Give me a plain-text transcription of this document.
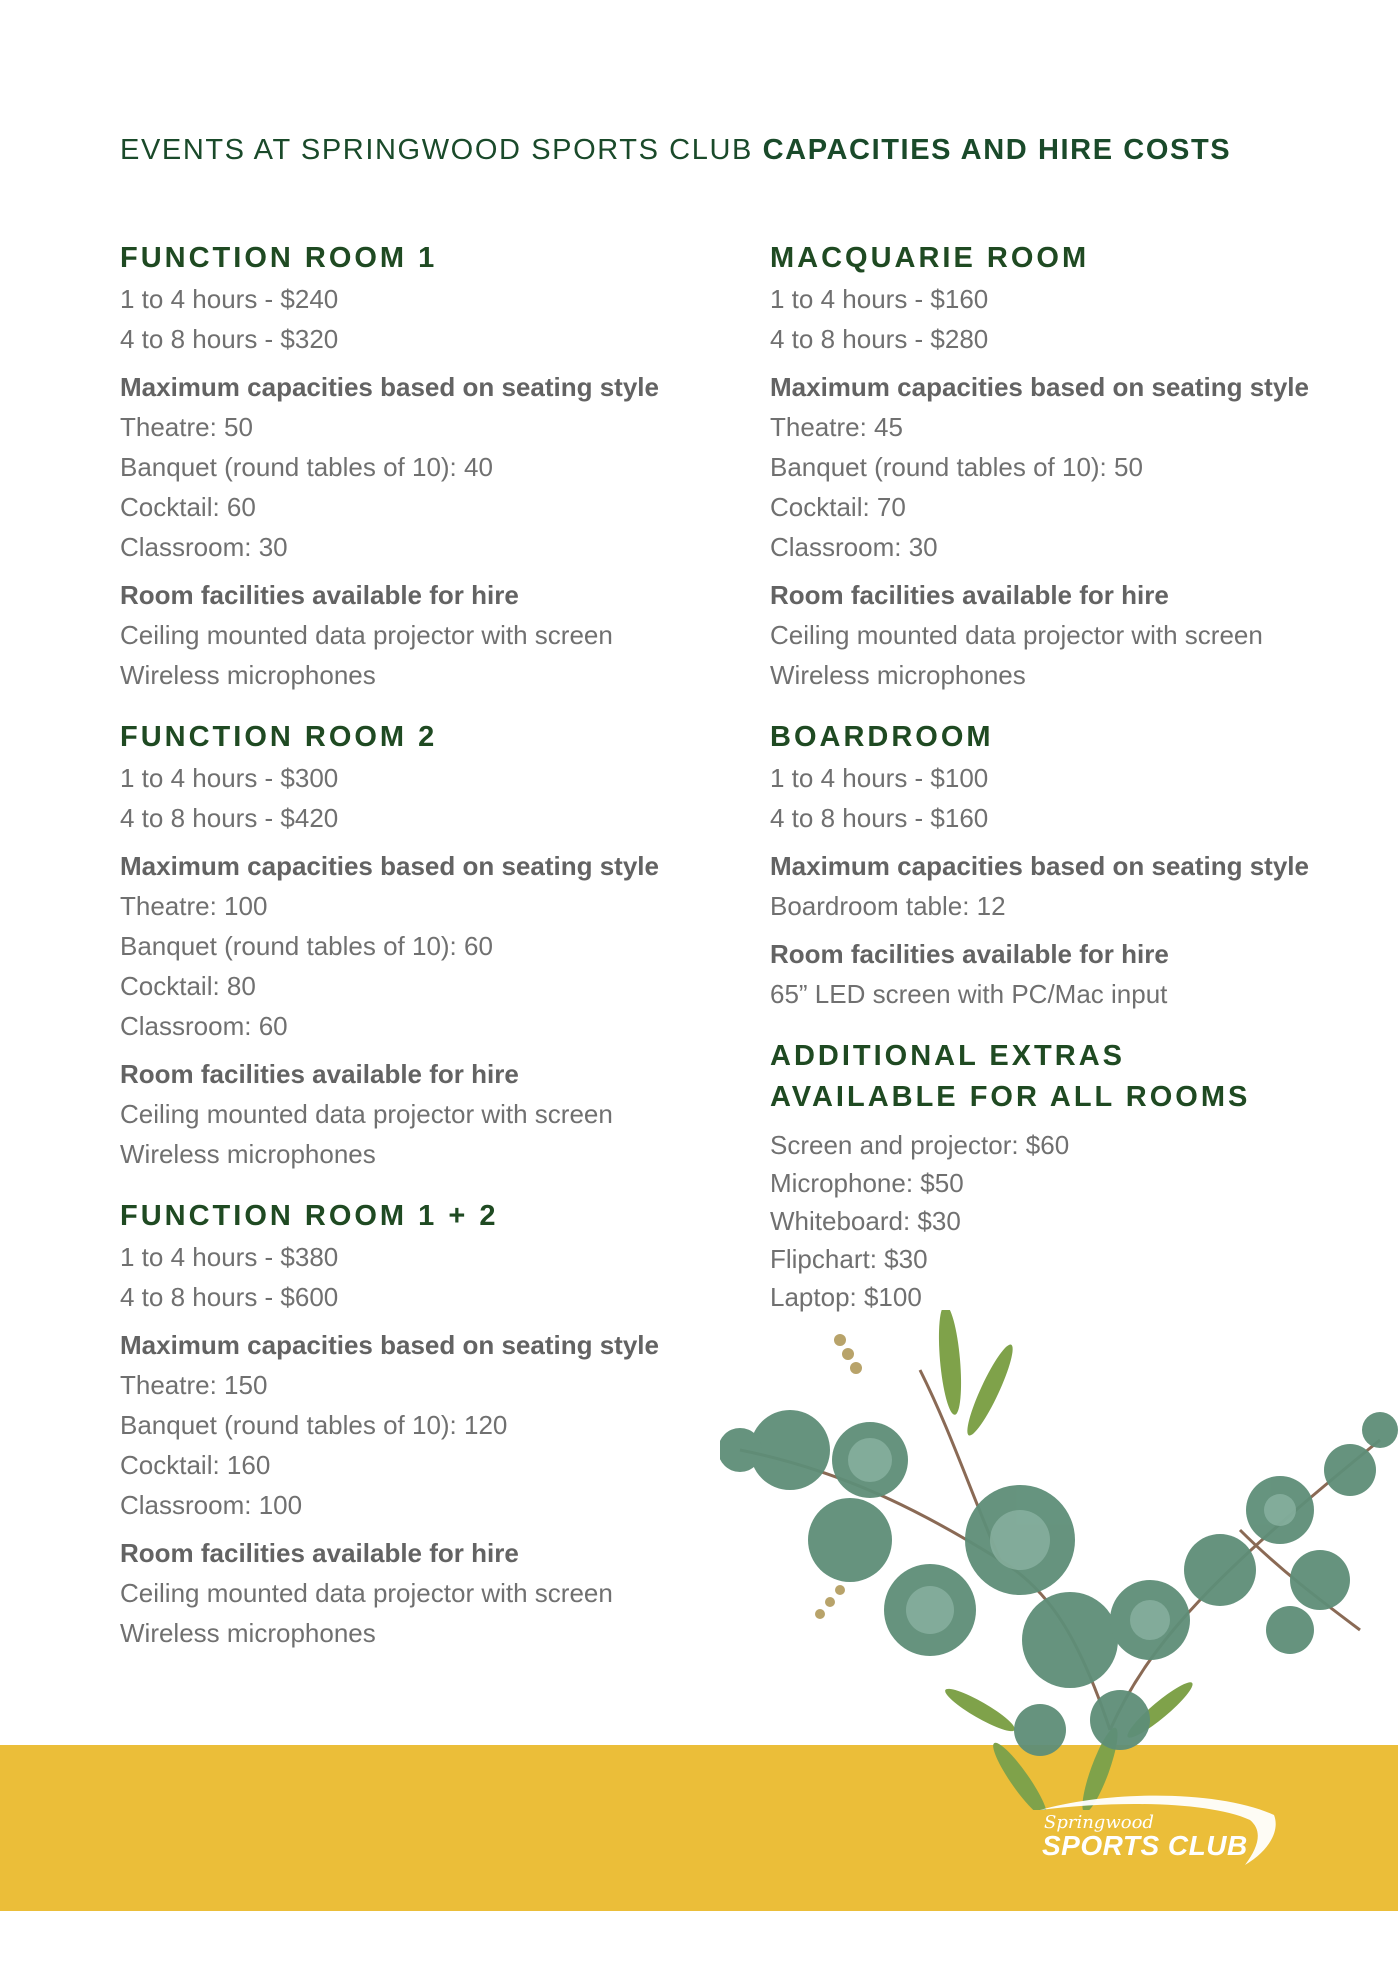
EVENTS AT SPRINGWOOD SPORTS CLUB CAPACITIES AND HIRE COSTS
FUNCTION ROOM 1
1 to 4 hours - $240
4 to 8 hours - $320
Maximum capacities based on seating style
Theatre: 50
Banquet (round tables of 10): 40
Cocktail: 60
Classroom: 30
Room facilities available for hire
Ceiling mounted data projector with screen
Wireless microphones
FUNCTION ROOM 2
1 to 4 hours - $300
4 to 8 hours - $420
Maximum capacities based on seating style
Theatre: 100
Banquet (round tables of 10): 60
Cocktail: 80
Classroom: 60
Room facilities available for hire
Ceiling mounted data projector with screen
Wireless microphones
FUNCTION ROOM 1 + 2
1 to 4 hours - $380
4 to 8 hours - $600
Maximum capacities based on seating style
Theatre: 150
Banquet (round tables of 10): 120
Cocktail: 160
Classroom: 100
Room facilities available for hire
Ceiling mounted data projector with screen
Wireless microphones
MACQUARIE ROOM
1 to 4 hours - $160
4 to 8 hours - $280
Maximum capacities based on seating style
Theatre: 45
Banquet (round tables of 10): 50
Cocktail: 70
Classroom: 30
Room facilities available for hire
Ceiling mounted data projector with screen
Wireless microphones
BOARDROOM
1 to 4 hours - $100
4 to 8 hours - $160
Maximum capacities based on seating style
Boardroom table: 12
Room facilities available for hire
65” LED screen with PC/Mac input
ADDITIONAL EXTRAS
AVAILABLE FOR ALL ROOMS
Screen and projector: $60
Microphone: $50
Whiteboard: $30
Flipchart: $30
Laptop: $100
Springwood
SPORTS CLUB
